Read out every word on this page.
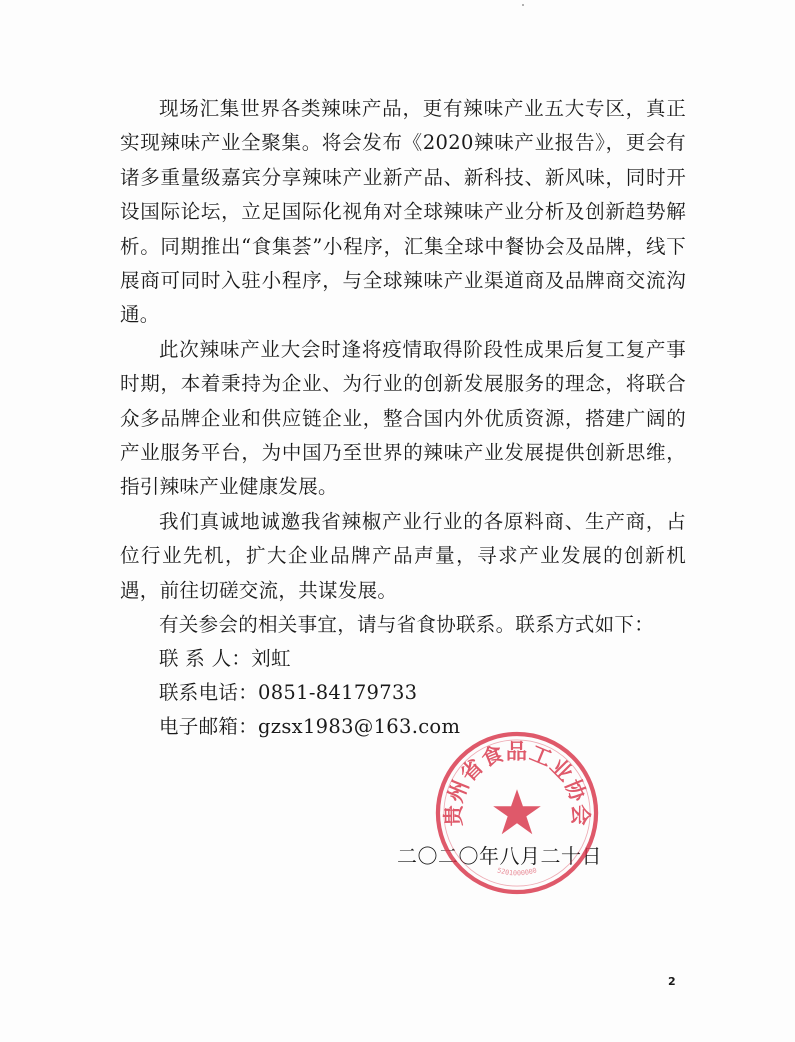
现场汇集世界各类辣味产品，更有辣味产业五大专区，真正实现辣味产业全聚集。将会发布《2020辣味产业报告》，更会有诸多重量级嘉宾分享辣味产业新产品、新科技、新风味，同时开设国际论坛，立足国际化视角对全球辣味产业分析及创新趋势解析。同期推出“食集荟”小程序，汇集全球中餐协会及品牌，线下展商可同时入驻小程序，与全球辣味产业渠道商及品牌商交流沟通。

此次辣味产业大会时逢将疫情取得阶段性成果后复工复产事时期，本着秉持为企业、为行业的创新发展服务的理念，将联合众多品牌企业和供应链企业，整合国内外优质资源，搭建广阔的产业服务平台，为中国乃至世界的辣味产业发展提供创新思维，指引辣味产业健康发展。

我们真诚地诚邀我省辣椒产业行业的各原料商、生产商，占位行业先机，扩大企业品牌产品声量，寻求产业发展的创新机遇，前往切磋交流，共谋发展。

有关参会的相关事宜，请与省食协联系。联系方式如下：

联 系 人：刘虹

联系电话：0851-84179733

电子邮箱：gzsx1983@163.com

二〇二〇年八月二十日
贵州省食品工业协会
5201000000
2
